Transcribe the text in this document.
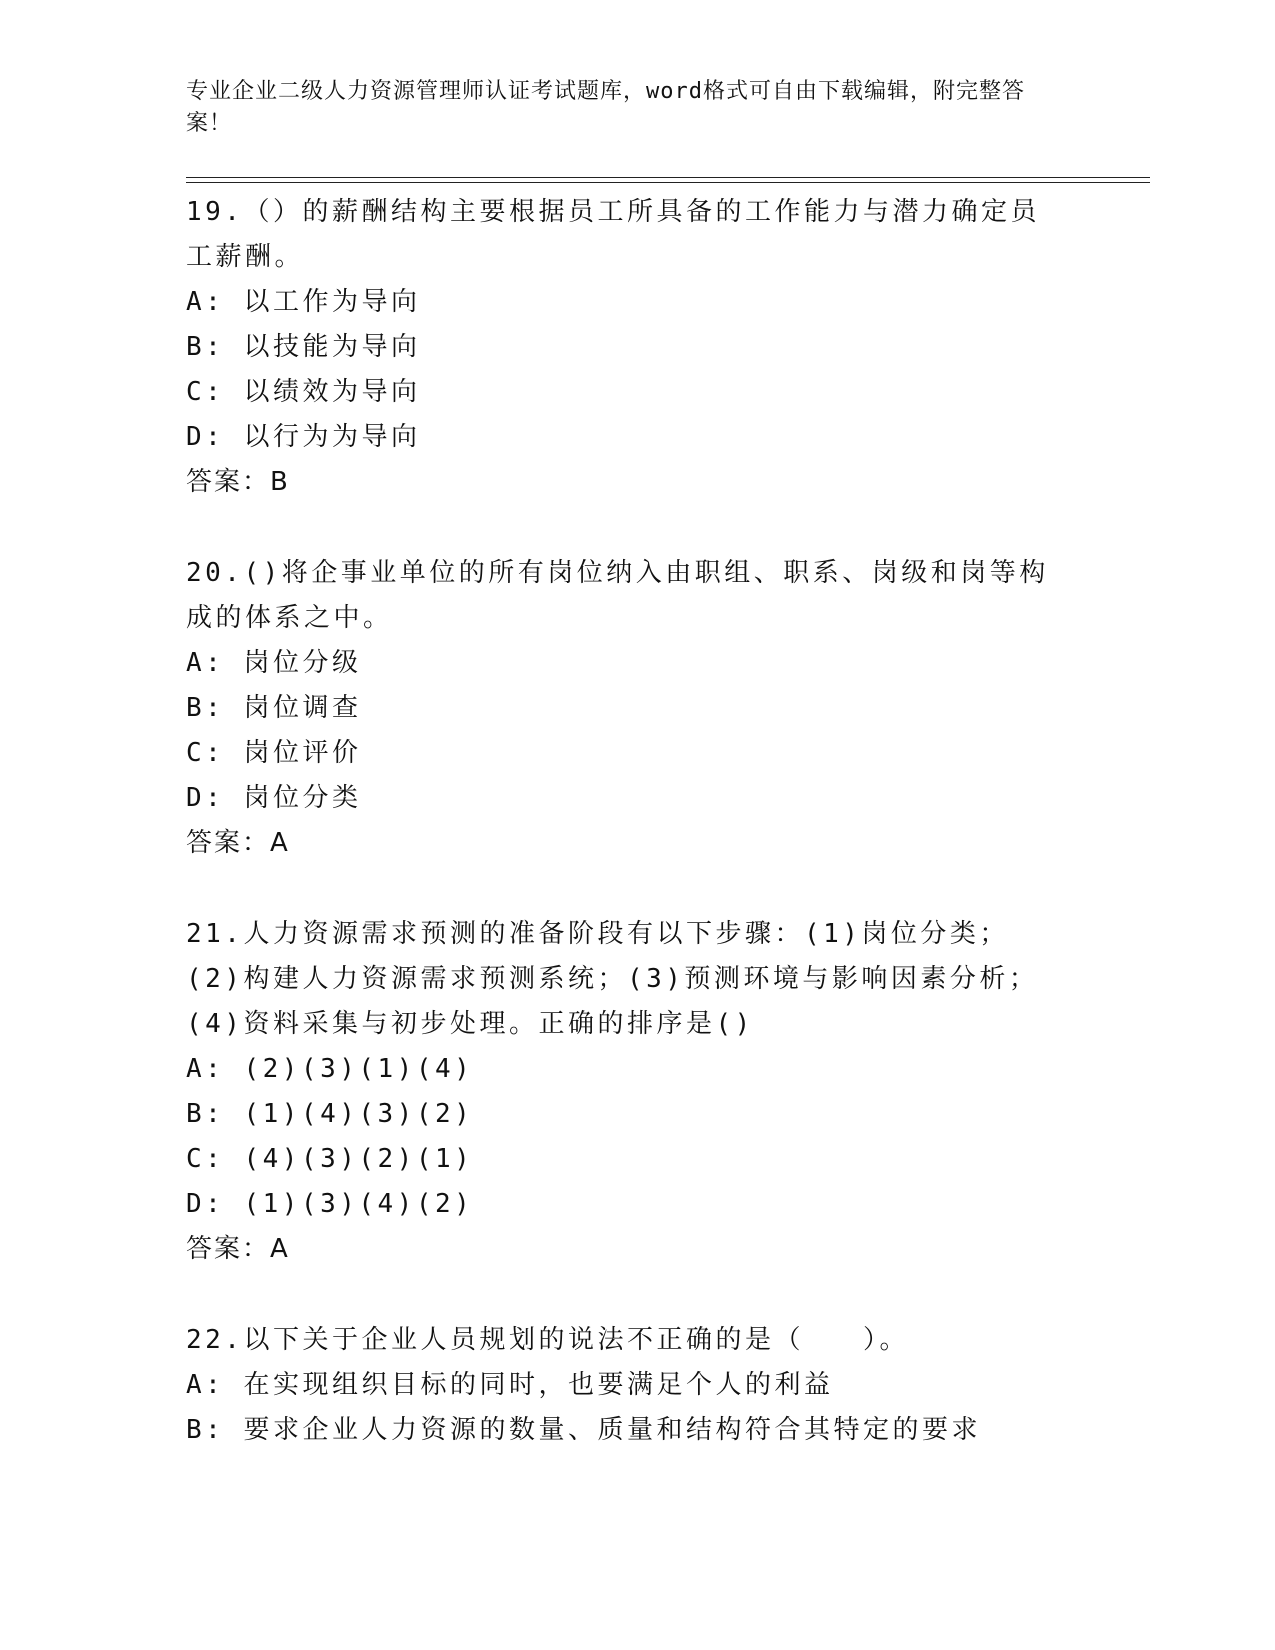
专业企业二级人力资源管理师认证考试题库，word格式可自由下载编辑，附完整答案！

19.（）的薪酬结构主要根据员工所具备的工作能力与潜力确定员工薪酬。

A: 以工作为导向
B: 以技能为导向
C: 以绩效为导向
D: 以行为为导向
答案：B

20.()将企事业单位的所有岗位纳入由职组、职系、岗级和岗等构成的体系之中。

A: 岗位分级
B: 岗位调查
C: 岗位评价
D: 岗位分类
答案：A

21.人力资源需求预测的准备阶段有以下步骤：(1)岗位分类；(2)构建人力资源需求预测系统；(3)预测环境与影响因素分析；(4)资料采集与初步处理。正确的排序是()

A: (2)(3)(1)(4)
B: (1)(4)(3)(2)
C: (4)(3)(2)(1)
D: (1)(3)(4)(2)
答案：A

22.以下关于企业人员规划的说法不正确的是（　　）。

A: 在实现组织目标的同时，也要满足个人的利益
B: 要求企业人力资源的数量、质量和结构符合其特定的要求
